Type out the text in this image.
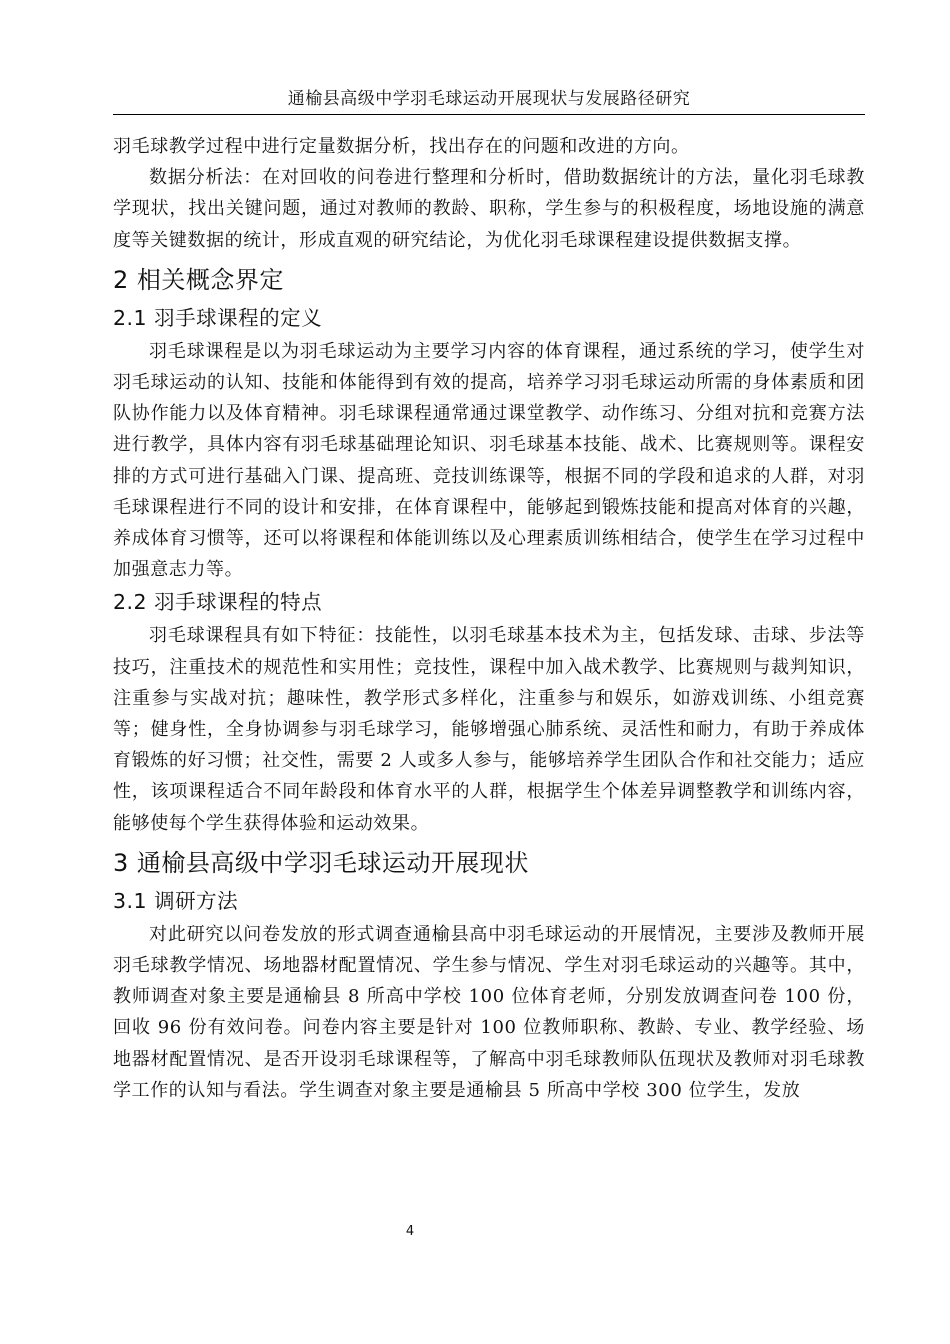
通榆县高级中学羽毛球运动开展现状与发展路径研究

羽毛球教学过程中进行定量数据分析，找出存在的问题和改进的方向。

数据分析法：在对回收的问卷进行整理和分析时，借助数据统计的方法，量化羽毛球教学现状，找出关键问题，通过对教师的教龄、职称，学生参与的积极程度，场地设施的满意度等关键数据的统计，形成直观的研究结论，为优化羽毛球课程建设提供数据支撑。

2 相关概念界定
2.1 羽手球课程的定义

羽毛球课程是以为羽毛球运动为主要学习内容的体育课程，通过系统的学习，使学生对羽毛球运动的认知、技能和体能得到有效的提高，培养学习羽毛球运动所需的身体素质和团队协作能力以及体育精神。羽毛球课程通常通过课堂教学、动作练习、分组对抗和竞赛方法进行教学，具体内容有羽毛球基础理论知识、羽毛球基本技能、战术、比赛规则等。课程安排的方式可进行基础入门课、提高班、竞技训练课等，根据不同的学段和追求的人群，对羽毛球课程进行不同的设计和安排，在体育课程中，能够起到锻炼技能和提高对体育的兴趣，养成体育习惯等，还可以将课程和体能训练以及心理素质训练相结合，使学生在学习过程中加强意志力等。

2.2 羽手球课程的特点

羽毛球课程具有如下特征：技能性，以羽毛球基本技术为主，包括发球、击球、步法等技巧，注重技术的规范性和实用性；竞技性，课程中加入战术教学、比赛规则与裁判知识，注重参与实战对抗；趣味性，教学形式多样化，注重参与和娱乐，如游戏训练、小组竞赛等；健身性，全身协调参与羽毛球学习，能够增强心肺系统、灵活性和耐力，有助于养成体育锻炼的好习惯；社交性，需要 2 人或多人参与，能够培养学生团队合作和社交能力；适应性，该项课程适合不同年龄段和体育水平的人群，根据学生个体差异调整教学和训练内容，能够使每个学生获得体验和运动效果。

3 通榆县高级中学羽毛球运动开展现状
3.1 调研方法

对此研究以问卷发放的形式调查通榆县高中羽毛球运动的开展情况，主要涉及教师开展羽毛球教学情况、场地器材配置情况、学生参与情况、学生对羽毛球运动的兴趣等。其中，教师调查对象主要是通榆县 8 所高中学校 100 位体育老师，分别发放调查问卷 100 份，回收 96 份有效问卷。问卷内容主要是针对 100 位教师职称、教龄、专业、教学经验、场地器材配置情况、是否开设羽毛球课程等，了解高中羽毛球教师队伍现状及教师对羽毛球教学工作的认知与看法。学生调查对象主要是通榆县 5 所高中学校 300 位学生，发放

4
